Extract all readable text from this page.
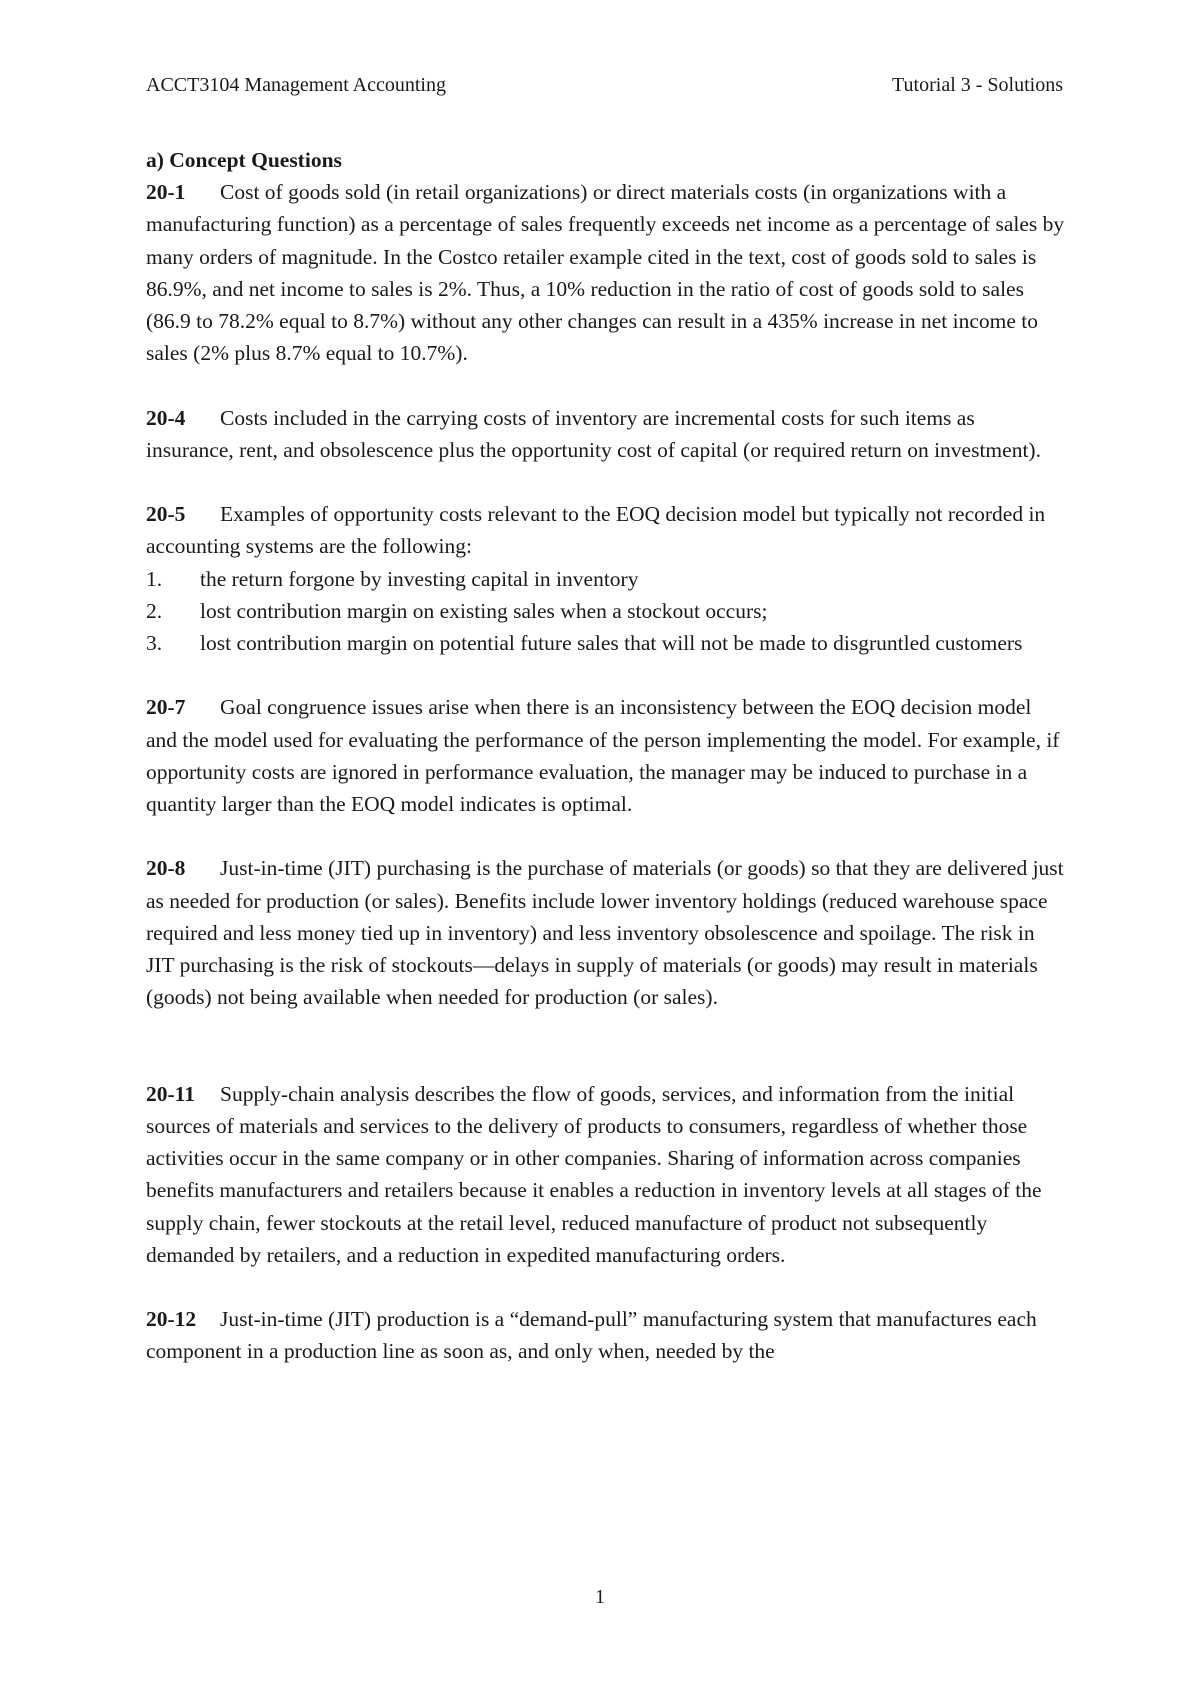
ACCT3104 Management Accounting	Tutorial 3 - Solutions

a) Concept Questions

20-1 Cost of goods sold (in retail organizations) or direct materials costs (in organizations with a manufacturing function) as a percentage of sales frequently exceeds net income as a percentage of sales by many orders of magnitude. In the Costco retailer example cited in the text, cost of goods sold to sales is 86.9%, and net income to sales is 2%. Thus, a 10% reduction in the ratio of cost of goods sold to sales (86.9 to 78.2% equal to 8.7%) without any other changes can result in a 435% increase in net income to sales (2% plus 8.7% equal to 10.7%).

20-4 Costs included in the carrying costs of inventory are incremental costs for such items as insurance, rent, and obsolescence plus the opportunity cost of capital (or required return on investment).

20-5 Examples of opportunity costs relevant to the EOQ decision model but typically not recorded in accounting systems are the following:

1.	the return forgone by investing capital in inventory
2.	lost contribution margin on existing sales when a stockout occurs;
3.	lost contribution margin on potential future sales that will not be made to disgruntled customers

20-7 Goal congruence issues arise when there is an inconsistency between the EOQ decision model and the model used for evaluating the performance of the person implementing the model. For example, if opportunity costs are ignored in performance evaluation, the manager may be induced to purchase in a quantity larger than the EOQ model indicates is optimal.

20-8 Just-in-time (JIT) purchasing is the purchase of materials (or goods) so that they are delivered just as needed for production (or sales). Benefits include lower inventory holdings (reduced warehouse space required and less money tied up in inventory) and less inventory obsolescence and spoilage. The risk in JIT purchasing is the risk of stockouts—delays in supply of materials (or goods) may result in materials (goods) not being available when needed for production (or sales).

20-11 Supply-chain analysis describes the flow of goods, services, and information from the initial sources of materials and services to the delivery of products to consumers, regardless of whether those activities occur in the same company or in other companies. Sharing of information across companies benefits manufacturers and retailers because it enables a reduction in inventory levels at all stages of the supply chain, fewer stockouts at the retail level, reduced manufacture of product not subsequently demanded by retailers, and a reduction in expedited manufacturing orders.

20-12 Just-in-time (JIT) production is a “demand-pull” manufacturing system that manufactures each component in a production line as soon as, and only when, needed by the

1
